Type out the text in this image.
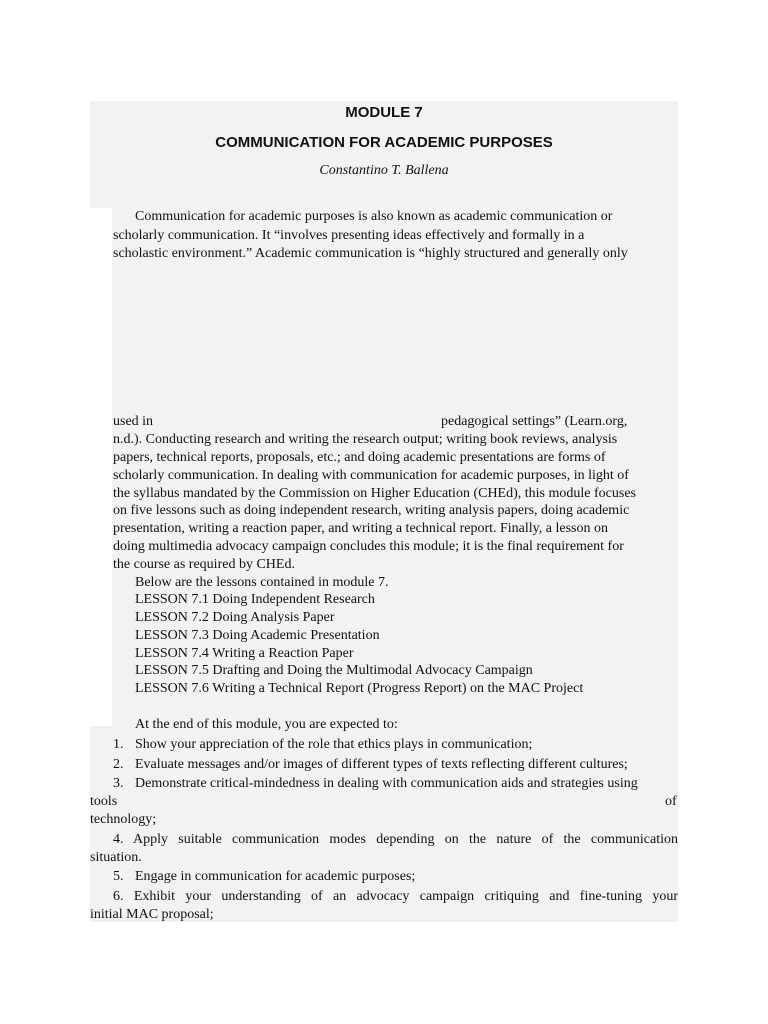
MODULE 7
COMMUNICATION FOR ACADEMIC PURPOSES

Constantino T. Ballena

Communication for academic purposes is also known as academic communication or

scholarly communication. It “involves presenting ideas effectively and formally in a

scholastic environment.” Academic communication is “highly structured and generally only

used in	pedagogical settings” (Learn.org,

n.d.). Conducting research and writing the research output; writing book reviews, analysis

papers, technical reports, proposals, etc.; and doing academic presentations are forms of

scholarly communication. In dealing with communication for academic purposes, in light of

the syllabus mandated by the Commission on Higher Education (CHEd), this module focuses

on five lessons such as doing independent research, writing analysis papers, doing academic

presentation, writing a reaction paper, and writing a technical report. Finally, a lesson on

doing multimedia advocacy campaign concludes this module; it is the final requirement for

the course as required by CHEd.

Below are the lessons contained in module 7.

LESSON 7.1 Doing Independent Research

LESSON 7.2 Doing Analysis Paper

LESSON 7.3 Doing Academic Presentation

LESSON 7.4 Writing a Reaction Paper

LESSON 7.5 Drafting and Doing the Multimodal Advocacy Campaign

LESSON 7.6 Writing a Technical Report (Progress Report) on the MAC Project

At the end of this module, you are expected to:

1. Show your appreciation of the role that ethics plays in communication;

2. Evaluate messages and/or images of different types of texts reflecting different cultures;

3. Demonstrate critical-mindedness in dealing with communication aids and strategies using

tools	of

technology;

4. Apply suitable communication modes depending on the nature of the communication

situation.

5. Engage in communication for academic purposes;

6. Exhibit your understanding of an advocacy campaign critiquing and fine-tuning your

initial MAC proposal;
